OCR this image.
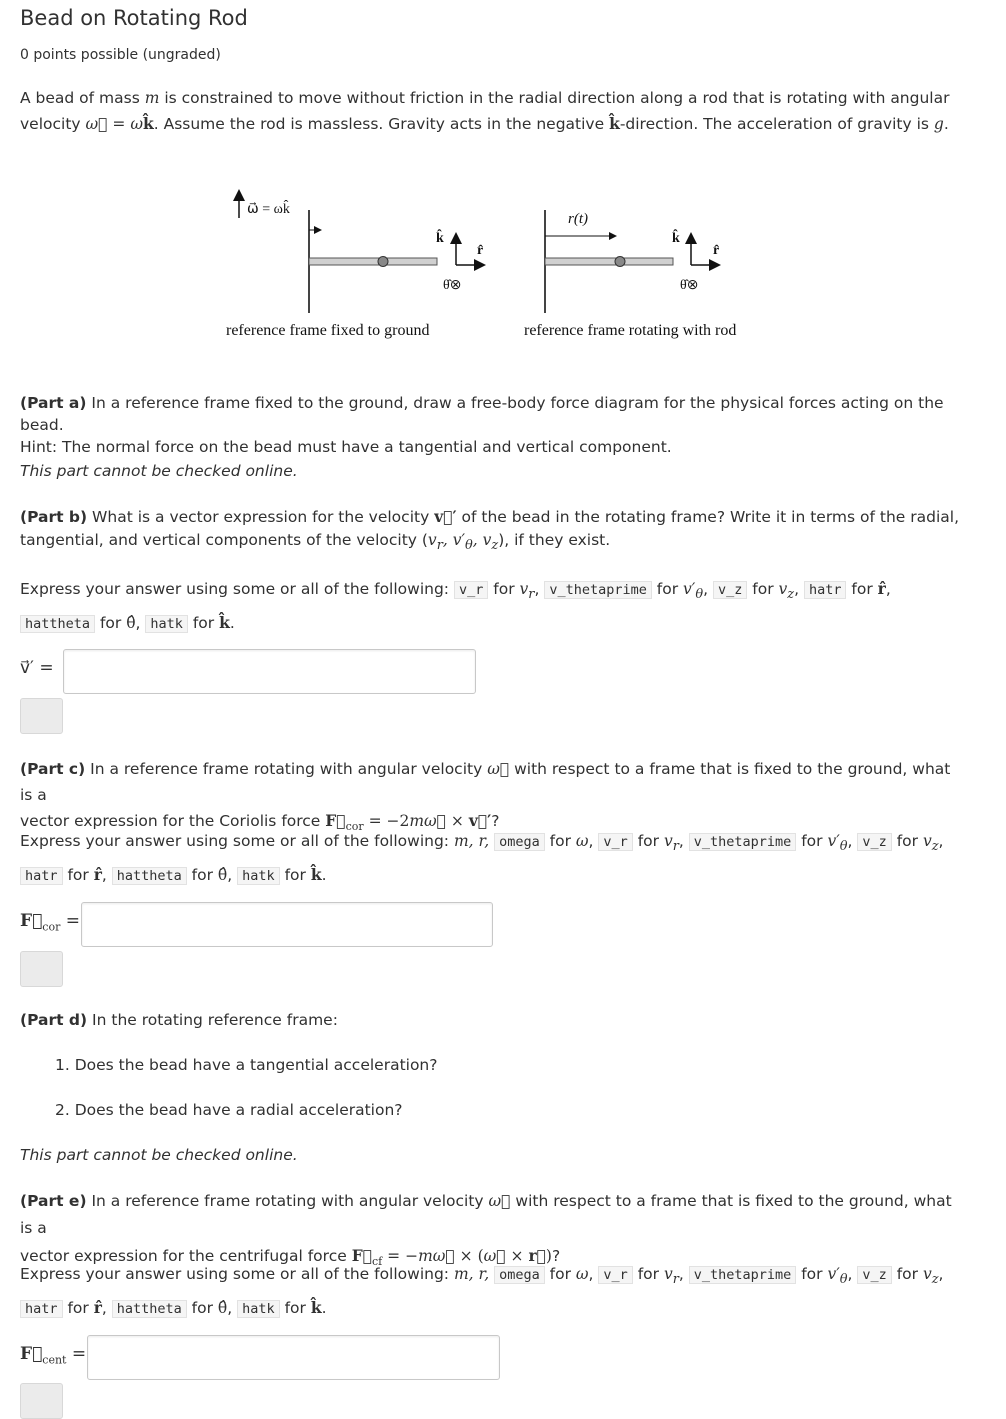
Bead on Rotating Rod
0 points possible (ungraded)

A bead of mass m is constrained to move without friction in the radial direction along a rod that is rotating with angular
velocity ω⃗ = ωk̂. Assume the rod is massless. Gravity acts in the negative k̂-direction. The acceleration of gravity is g.

ω⃗ = ωk̂
k̂
r̂
θ̂⊗
reference frame fixed to ground
r(t)
k̂
r̂
θ̂⊗
reference frame rotating with rod

(Part a) In a reference frame fixed to the ground, draw a free-body force diagram for the physical forces acting on the bead.
Hint: The normal force on the bead must have a tangential and vertical component.

This part cannot be checked online.

(Part b) What is a vector expression for the velocity v⃗′ of the bead in the rotating frame? Write it in terms of the radial,
tangential, and vertical components of the velocity ($v_r$, $v'_\theta$, $v_z$), if they exist.

Express your answer using some or all of the following: v_r for $v_r$, v_thetaprime for $v'_\theta$, v_z for $v_z$, hatr for r̂,
hattheta for θ̂, hatk for k̂.

v⃗′ =

(Part c) In a reference frame rotating with angular velocity ω⃗ with respect to a frame that is fixed to the ground, what is a
vector expression for the Coriolis force $F⃗_{cor}$ = −2mω⃗ × v⃗′?

Express your answer using some or all of the following: m, r, omega for ω, v_r for $v_r$, v_thetaprime for $v'_\theta$, v_z for $v_z$,
hatr for r̂, hattheta for θ̂, hatk for k̂.

$F⃗_{cor}$ =

(Part d) In the rotating reference frame:

1. Does the bead have a tangential acceleration?
2. Does the bead have a radial acceleration?

This part cannot be checked online.

(Part e) In a reference frame rotating with angular velocity ω⃗ with respect to a frame that is fixed to the ground, what is a
vector expression for the centrifugal force $F⃗_{cf}$ = −mω⃗ × (ω⃗ × r⃗)?

Express your answer using some or all of the following: m, r, omega for ω, v_r for $v_r$, v_thetaprime for $v'_\theta$, v_z for $v_z$,
hatr for r̂, hattheta for θ̂, hatk for k̂.

$F⃗_{cent}$ =
